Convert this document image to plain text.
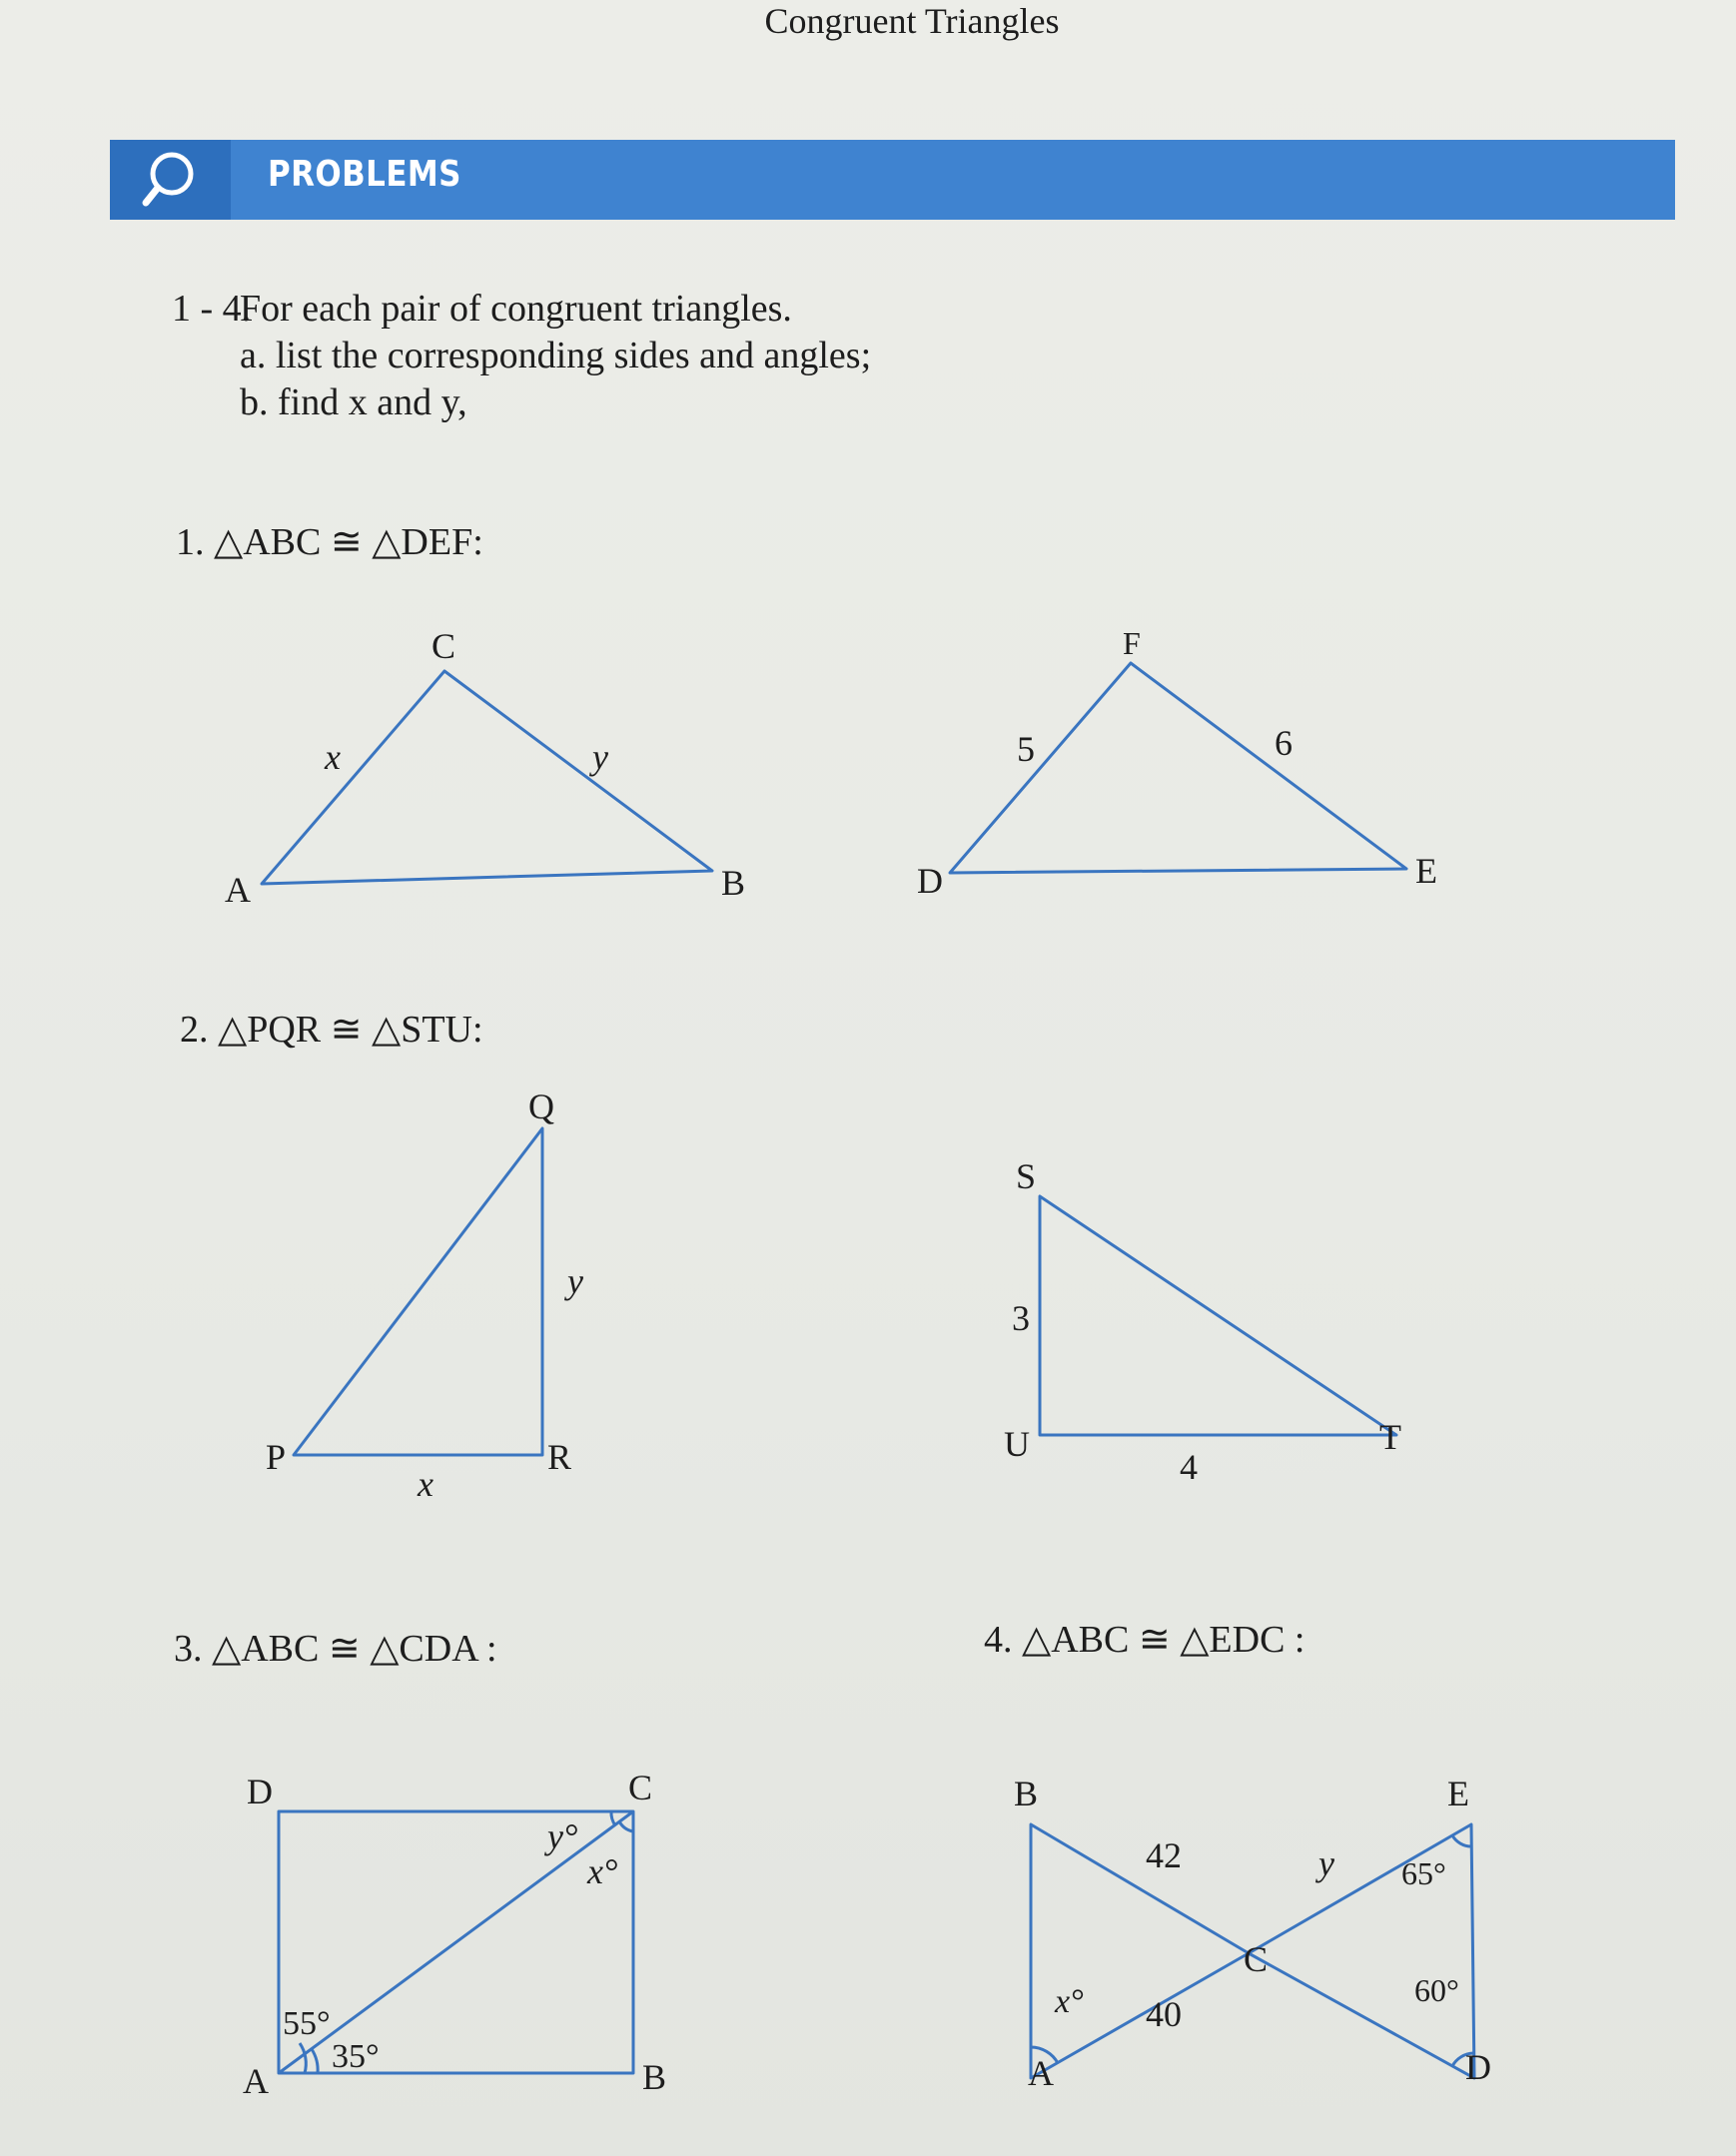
Congruent Triangles
PROBLEMS
1 - 4.
For each pair of congruent triangles.
a. list the corresponding sides and angles;
b. find x and y,
1. △ABC ≅ △DEF:
2. △PQR ≅ △STU:
3. △ABC ≅ △CDA :	4. △ABC ≅ △EDC :
A
C
B
x	y
D
F
E
5	6
P
Q
R
x
y
S
U	T
3
4
D	C
A	B
y°
x°
55°
35°
B	E
C
A	D
42
40
y
x°
65°
60°
